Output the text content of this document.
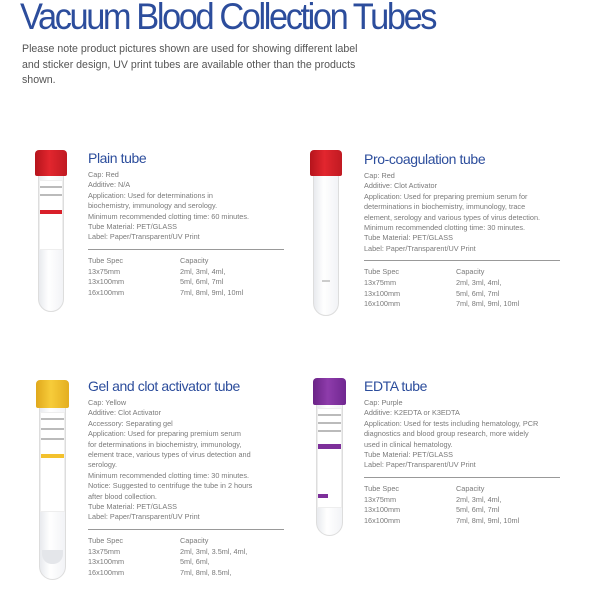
Vacuum Blood Collection Tubes

Please note product pictures shown are used for showing different label and sticker design, UV print tubes are available other than the products shown.

Plain tube
Cap: Red
Additive: N/A
Application: Used for determinations in
biochemistry, immunology and serology.
Minimum recommended clotting time: 60 minutes.
Tube Material: PET/GLASS
Label: Paper/Transparent/UV Print
Tube Spec	Capacity
13x75mm	2ml, 3ml, 4ml,
13x100mm	5ml, 6ml, 7ml
16x100mm	7ml, 8ml, 9ml, 10ml
Pro-coagulation tube
Cap: Red
Additive: Clot Activator
Application: Used for preparing premium serum for
determinations in biochemistry, immunology, trace
element, serology and various types of virus detection.
Minimum recommended clotting time: 30 minutes.
Tube Material: PET/GLASS
Label: Paper/Transparent/UV Print
Tube Spec	Capacity
13x75mm	2ml, 3ml, 4ml,
13x100mm	5ml, 6ml, 7ml
16x100mm	7ml, 8ml, 9ml, 10ml
Gel and clot activator tube
Cap: Yellow
Additive: Clot Activator
Accessory: Separating gel
Application: Used for preparing premium serum
for determinations in biochemistry, immunology,
element trace, various types of virus detection and
serology.
Minimum recommended clotting time: 30 minutes.
Notice: Suggested to centrifuge the tube in 2 hours
after blood collection.
Tube Material: PET/GLASS
Label: Paper/Transparent/UV Print
Tube Spec	Capacity
13x75mm	2ml, 3ml, 3.5ml, 4ml,
13x100mm	5ml, 6ml,
16x100mm	7ml, 8ml, 8.5ml,
EDTA tube
Cap: Purple
Additive: K2EDTA or K3EDTA
Application: Used for tests including hematology, PCR
diagnostics and blood group research, more widely
used in clinical hematology.
Tube Material: PET/GLASS
Label: Paper/Transparent/UV Print
Tube Spec	Capacity
13x75mm	2ml, 3ml, 4ml,
13x100mm	5ml, 6ml, 7ml
16x100mm	7ml, 8ml, 9ml, 10ml
